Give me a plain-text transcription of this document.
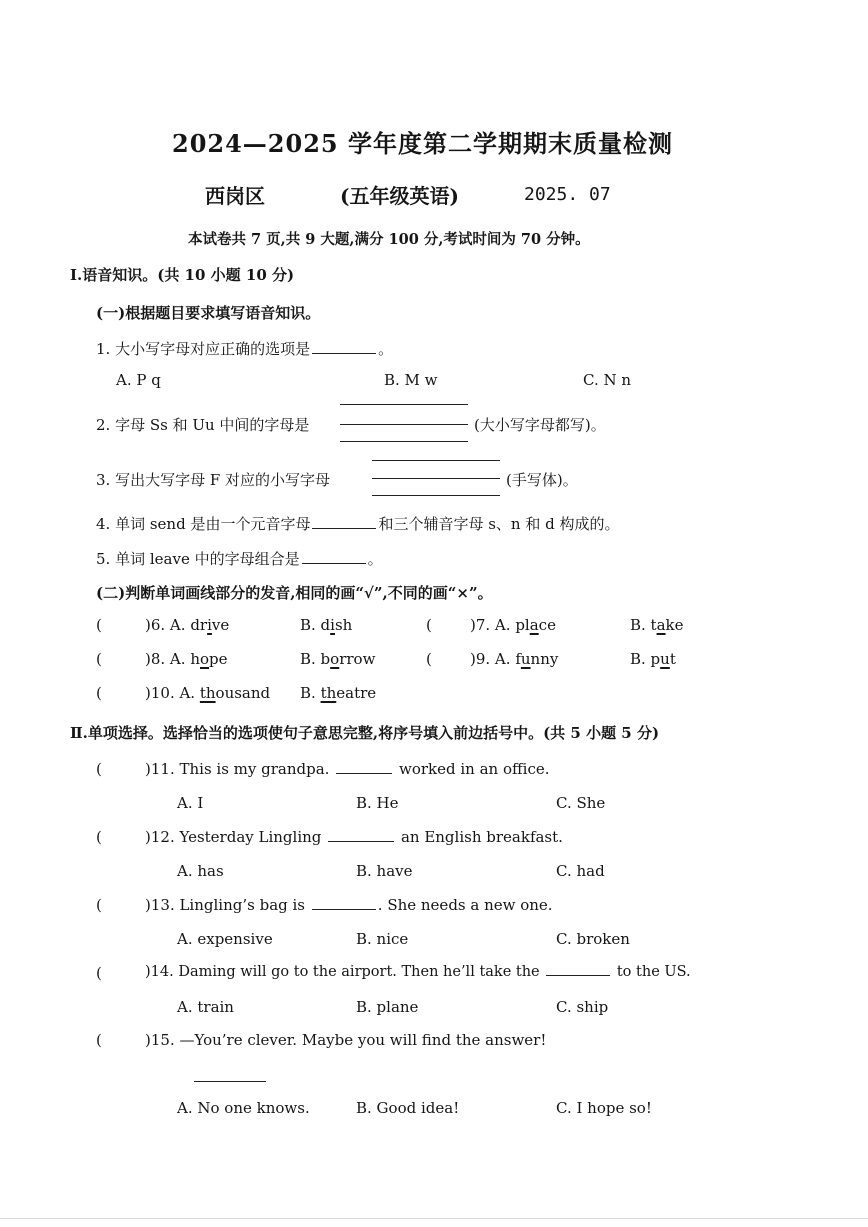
2024—2025 学年度第二学期期末质量检测
西岗区	(五年级英语)	2025. 07
本试卷共 7 页,共 9 大题,满分 100 分,考试时间为 70 分钟。
Ⅰ.语音知识。(共 10 小题 10 分)
(一)根据题目要求填写语音知识。
1. 大小写字母对应正确的选项是	。
A. P q	B. M w	C. N n
2. 字母 Ss 和 Uu 中间的字母是	(大小写字母都写)。
3. 写出大写字母 F 对应的小写字母	(手写体)。
4. 单词 send 是由一个元音字母	和三个辅音字母 s、n 和 d 构成的。
5. 单词 leave 中的字母组合是	。
(二)判断单词画线部分的发音,相同的画“√”,不同的画“×”。
(	)6. A. drive	B. dish	(	)7. A. place	B. take
(	)8. A. hope	B. borrow	(	)9. A. funny	B. put
(	)10. A. thousand B. theatre
Ⅱ.单项选择。选择恰当的选项使句子意思完整,将序号填入前边括号中。(共 5 小题 5 分)
(	)11. This is my grandpa.	worked in an office.
A. I	B. He	C. She
(	)12. Yesterday Lingling	an English breakfast.
A. has	B. have	C. had
(	)13. Lingling’s bag is	. She needs a new one.
A. expensive	B. nice	C. broken
(	)14. Daming will go to the airport. Then he’ll take the	to the US.
A. train	B. plane	C. ship
(	)15. —You’re clever. Maybe you will find the answer!
A. No one knows.	B. Good idea!	C. I hope so!
